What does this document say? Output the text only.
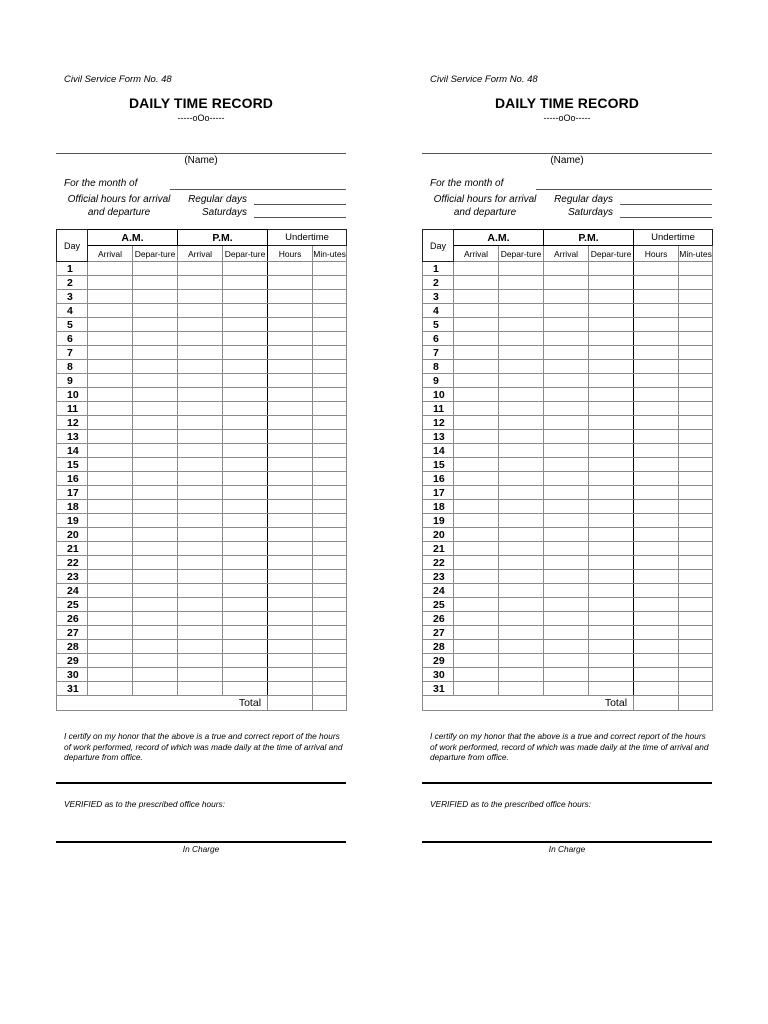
Civil Service Form No. 48
DAILY TIME RECORD
-----oOo-----
(Name)
For the month of
Official hours for arrival and departure
Regular days
Saturdays
Day	A.M.		P.M.		Undertime	
	Arrival	Depar-ture	Arrival	Depar-ture	Hours	Min-utes
1						
2						
3						
4						
5						
6						
7						
8						
9						
10						
11						
12						
13						
14						
15						
16						
17						
18						
19						
20						
21						
22						
23						
24						
25						
26						
27						
28						
29						
30						
31						
Total						
I certify on my honor that the above is a true and correct report of the hours of work performed, record of which was made daily at the time of arrival and departure from office.
VERIFIED as to the prescribed office hours:
In Charge
Civil Service Form No. 48
DAILY TIME RECORD
-----oOo-----
(Name)
For the month of
Official hours for arrival and departure
Regular days
Saturdays
Day	A.M.		P.M.		Undertime	
	Arrival	Depar-ture	Arrival	Depar-ture	Hours	Min-utes
1						
2						
3						
4						
5						
6						
7						
8						
9						
10						
11						
12						
13						
14						
15						
16						
17						
18						
19						
20						
21						
22						
23						
24						
25						
26						
27						
28						
29						
30						
31						
Total						
I certify on my honor that the above is a true and correct report of the hours of work performed, record of which was made daily at the time of arrival and departure from office.
VERIFIED as to the prescribed office hours:
In Charge
